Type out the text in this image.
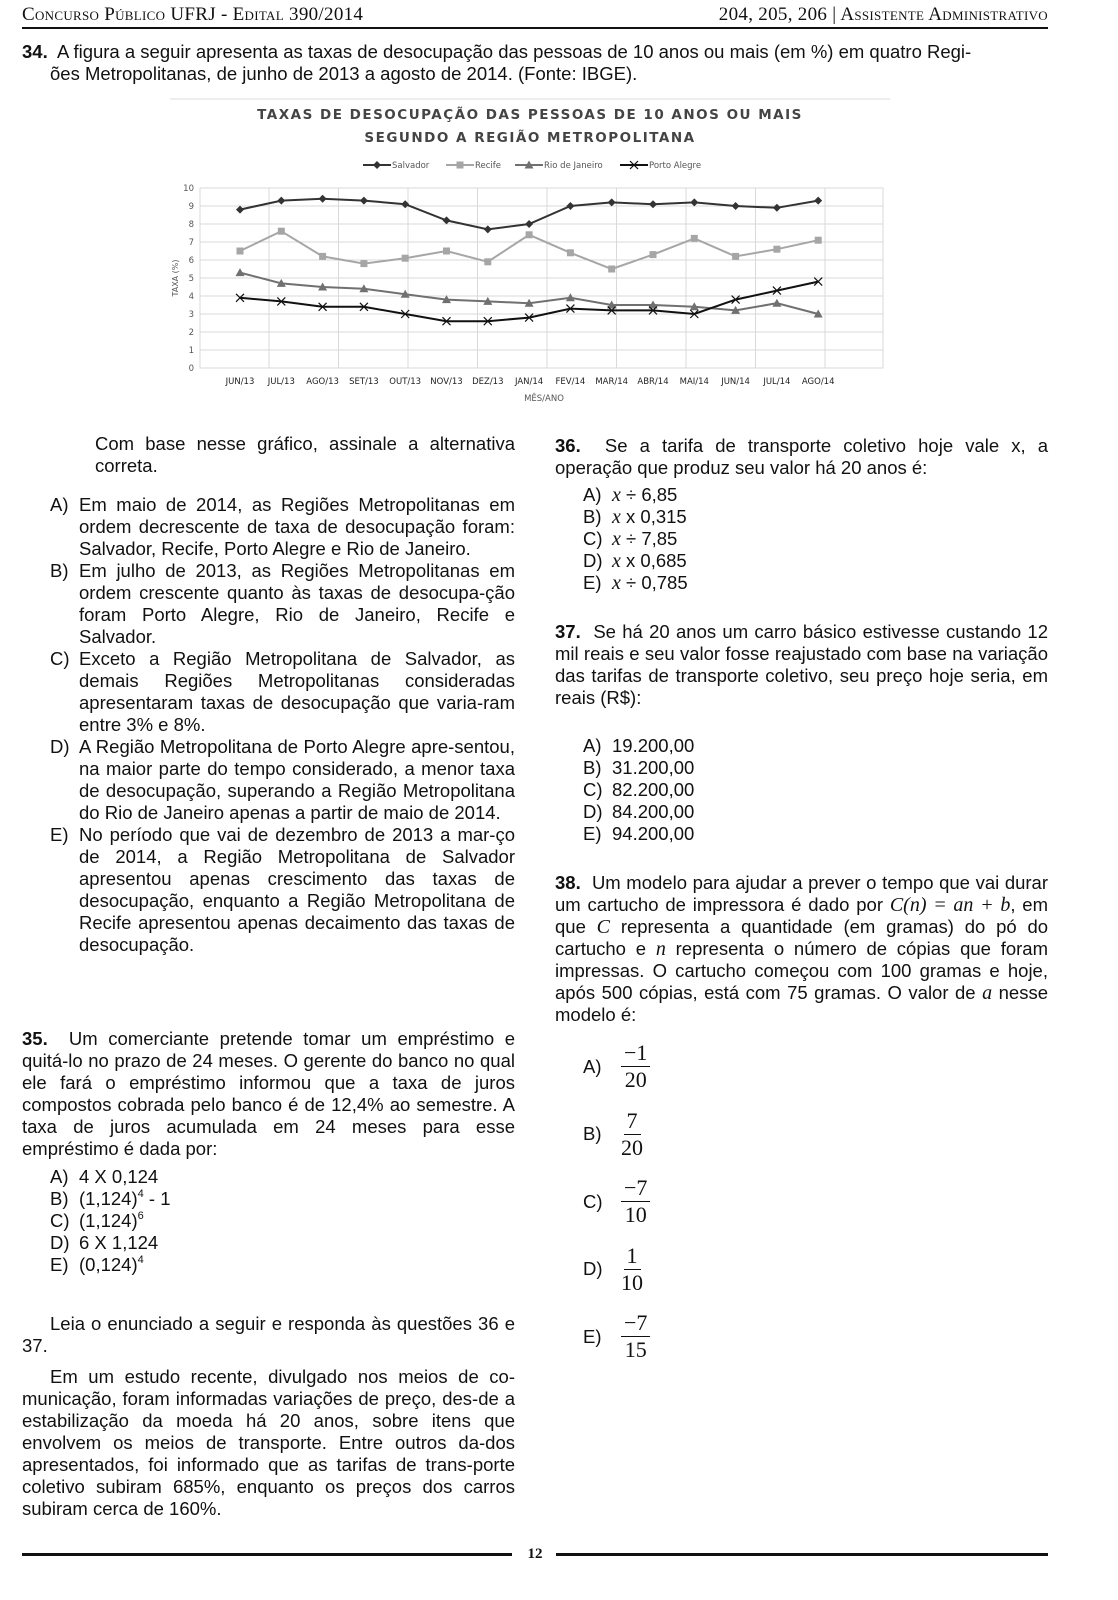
Concurso Público UFRJ - Edital 390/2014	204, 205, 206 | Assistente Administrativo
34. A figura a seguir apresenta as taxas de desocupação das pessoas de 10 anos ou mais (em %) em quatro Regi-
ões Metropolitanas, de junho de 2013 a agosto de 2014. (Fonte: IBGE).
TAXAS DE DESOCUPAÇÃO DAS PESSOAS DE 10 ANOS OU MAIS
SEGUNDO A REGIÃO METROPOLITANA
Salvador	Recife	Rio de Janeiro	Porto Alegre
0
1
2
3
4
5
6
7
8
9
10
JUN/13 JUL/13 AGO/13 SET/13 OUT/13 NOV/13 DEZ/13 JAN/14 FEV/14 MAR/14 ABR/14 MAI/14 JUN/14 JUL/14 AGO/14
TAXA (%)
MÊS/ANO
Com base nesse gráfico, assinale a alternativa correta.
A) Em maio de 2014, as Regiões Metropolitanas em ordem decrescente de taxa de desocupação foram: Salvador, Recife, Porto Alegre e Rio de Janeiro.
B) Em julho de 2013, as Regiões Metropolitanas em ordem crescente quanto às taxas de desocupa-ção foram Porto Alegre, Rio de Janeiro, Recife e Salvador.
C) Exceto a Região Metropolitana de Salvador, as demais Regiões Metropolitanas consideradas apresentaram taxas de desocupação que varia-ram entre 3% e 8%.
D) A Região Metropolitana de Porto Alegre apre-sentou, na maior parte do tempo considerado, a menor taxa de desocupação, superando a Região Metropolitana do Rio de Janeiro apenas a partir de maio de 2014.
E) No período que vai de dezembro de 2013 a mar-ço de 2014, a Região Metropolitana de Salvador apresentou apenas crescimento das taxas de desocupação, enquanto a Região Metropolitana de Recife apresentou apenas decaimento das taxas de desocupação.
35. Um comerciante pretende tomar um empréstimo e quitá-lo no prazo de 24 meses. O gerente do banco no qual ele fará o empréstimo informou que a taxa de juros compostos cobrada pelo banco é de 12,4% ao semestre. A taxa de juros acumulada em 24 meses para esse empréstimo é dada por:
A) 4 X 0,124
B) $(1,124)^4 - 1$
C) $(1,124)^6$
D) 6 X 1,124
E) $(0,124)^4$
Leia o enunciado a seguir e responda às questões 36 e 37.
Em um estudo recente, divulgado nos meios de co-municação, foram informadas variações de preço, des-de a estabilização da moeda há 20 anos, sobre itens que envolvem os meios de transporte. Entre outros da-dos apresentados, foi informado que as tarifas de trans-porte coletivo subiram 685%, enquanto os preços dos carros subiram cerca de 160%.
36. Se a tarifa de transporte coletivo hoje vale x, a operação que produz seu valor há 20 anos é:
A) x ÷ 6,85
B) x x 0,315
C) x ÷ 7,85
D) x x 0,685
E) x ÷ 0,785
37. Se há 20 anos um carro básico estivesse custando 12 mil reais e seu valor fosse reajustado com base na variação das tarifas de transporte coletivo, seu preço hoje seria, em reais (R$):
A) 19.200,00
B) 31.200,00
C) 82.200,00
D) 84.200,00
E) 94.200,00
38. Um modelo para ajudar a prever o tempo que vai durar um cartucho de impressora é dado por C(n) = an + b, em que C representa a quantidade (em gramas) do pó do cartucho e n representa o número de cópias que foram impressas. O cartucho começou com 100 gramas e hoje, após 500 cópias, está com 75 gramas. O valor de a nesse modelo é:
$A) \frac{-1}{20}$
$B) \frac{7}{20}$
$C) \frac{-7}{10}$
$D) \frac{1}{10}$
$E) \frac{-7}{15}$
12
